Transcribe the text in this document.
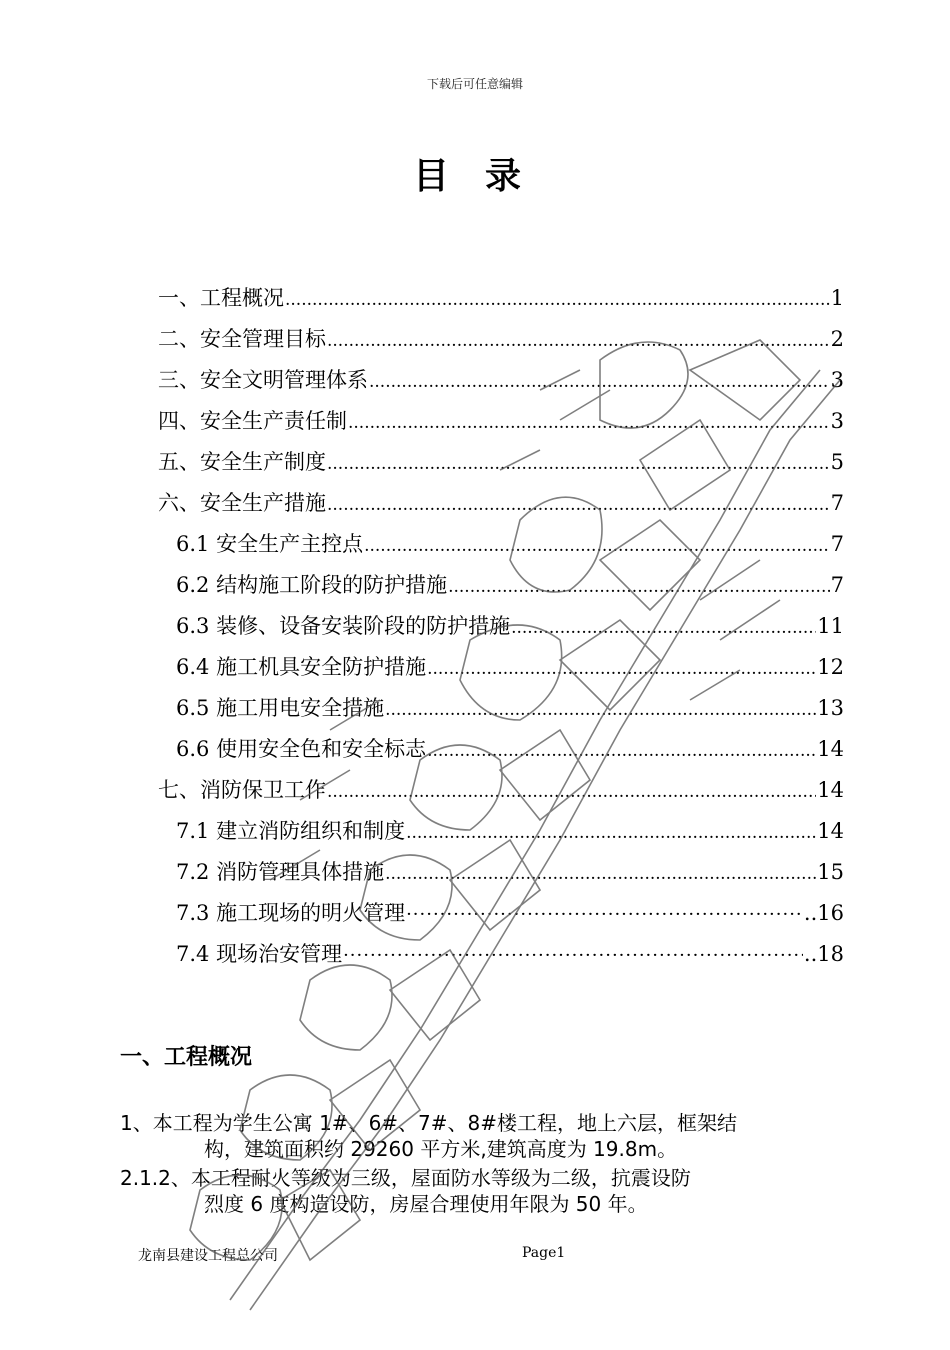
下载后可任意编辑
目录
一、工程概况 .....	1
二、安全管理目标 .....	2
三、安全文明管理体系 .....	3
四、安全生产责任制 .....	3
五、安全生产制度 .....	5
六、安全生产措施 .....	7
6.1 安全生产主控点 .....	7
6.2 结构施工阶段的防护措施 .....	7
6.3 装修、设备安装阶段的防护措施 .....	11
6.4 施工机具安全防护措施 .....	12
6.5 施工用电安全措施 .....	13
6.6 使用安全色和安全标志 .....	14
七、消防保卫工作 .....	14
7.1 建立消防组织和制度 .....	14
7.2 消防管理具体措施 .....	15
7.3 施工现场的明火管理 ·····	..16
7.4 现场治安管理 ·····	..18
一、工程概况
1、本工程为学生公寓 1#、6#、7#、8#楼工程，地上六层，框架结
构，建筑面积约 29260 平方米,建筑高度为 19.8m。
2.1.2、本工程耐火等级为三级，屋面防水等级为二级，抗震设防
烈度 6 度构造设防，房屋合理使用年限为 50 年。
龙南县建设工程总公司	Page1
